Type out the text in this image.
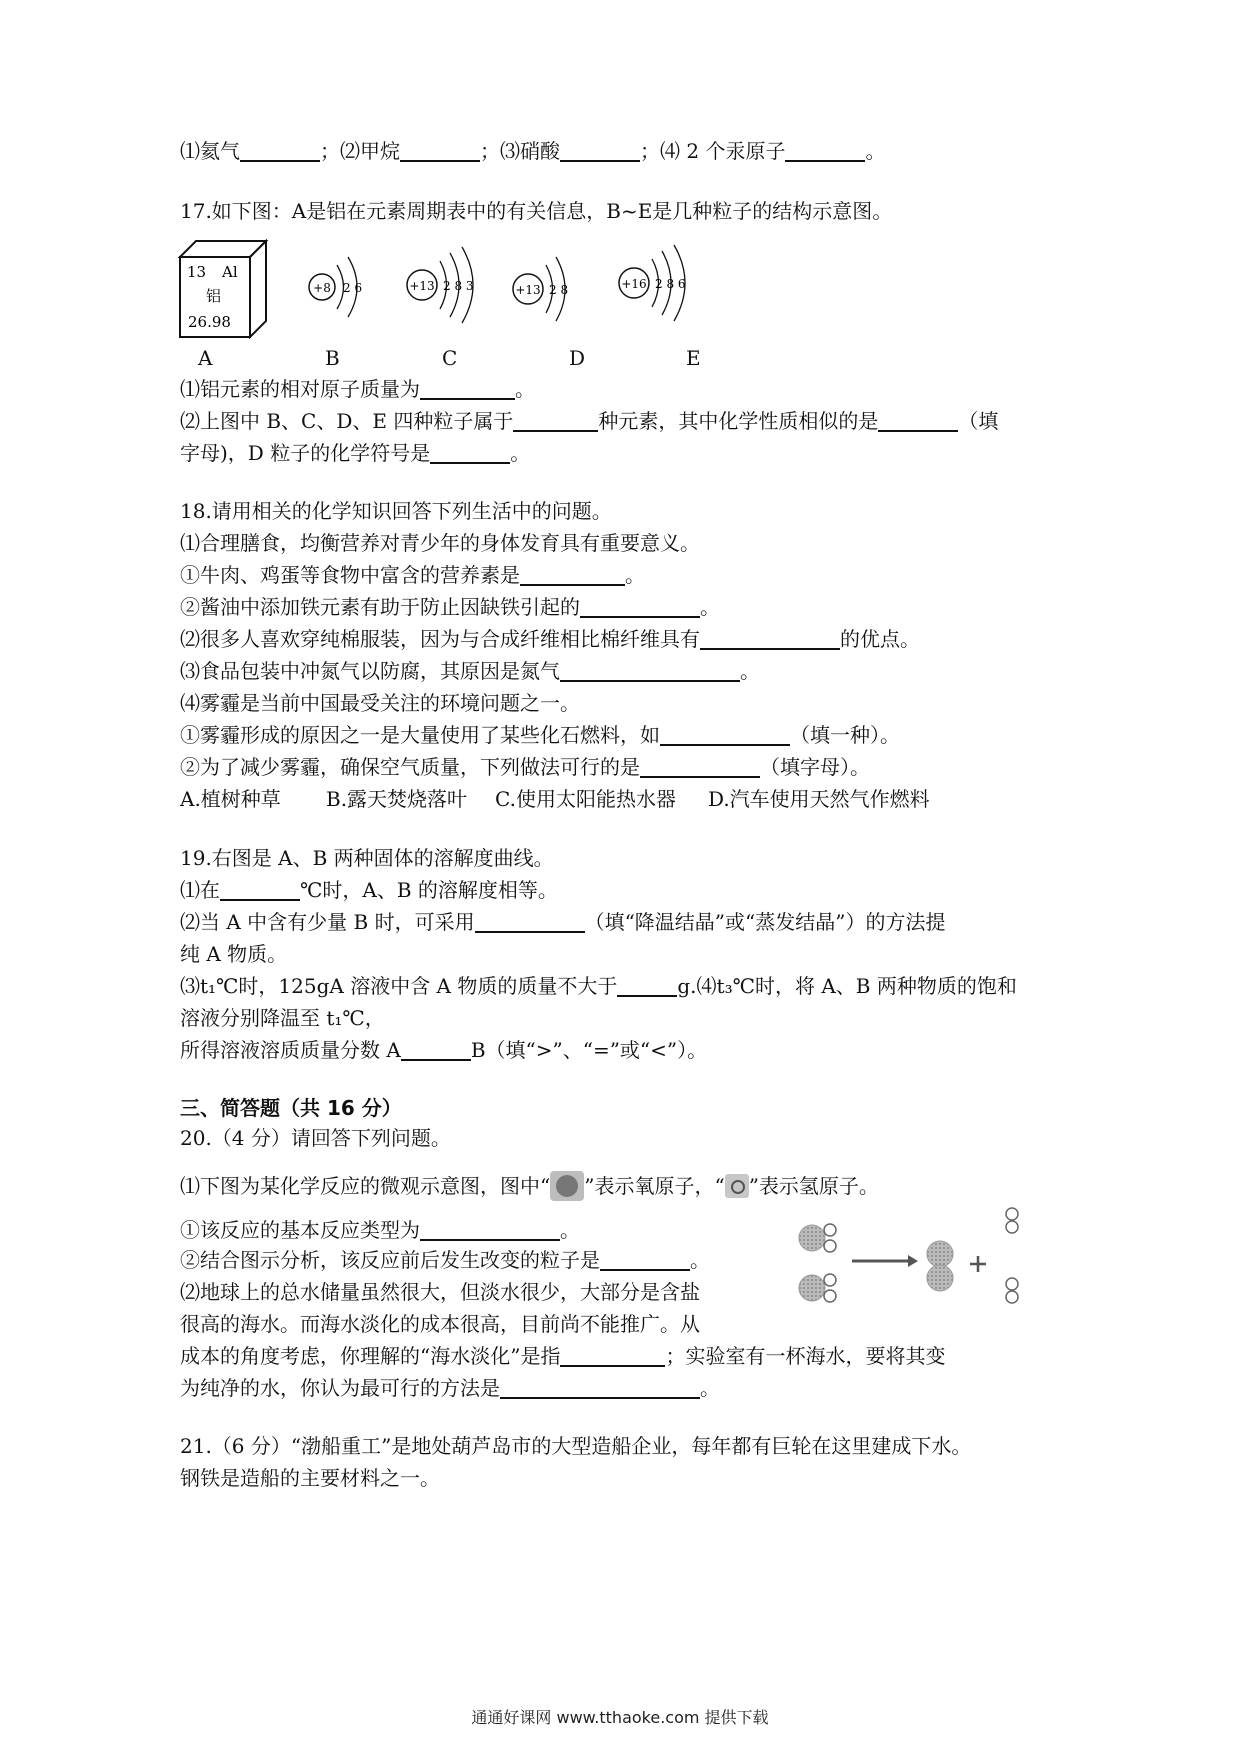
⑴氦气	；⑵甲烷	；⑶硝酸	；⑷ 2 个汞原子	。
17.如下图：A是铝在元素周期表中的有关信息，B~E是几种粒子的结构示意图。
13 Al
铝
26.98
+8 2 6	+13 2 8 3	+13 2 8	+16 2 8 6
A	B	C	D	E
⑴铝元素的相对原子质量为	。
⑵上图中 B、C、D、E 四种粒子属于	种元素，其中化学性质相似的是	（填
字母)，D 粒子的化学符号是	。
18.请用相关的化学知识回答下列生活中的问题。
⑴合理膳食，均衡营养对青少年的身体发育具有重要意义。
①牛肉、鸡蛋等食物中富含的营养素是	。
②酱油中添加铁元素有助于防止因缺铁引起的	。
⑵很多人喜欢穿纯棉服装，因为与合成纤维相比棉纤维具有	的优点。
⑶食品包装中冲氮气以防腐，其原因是氮气	。
⑷雾霾是当前中国最受关注的环境问题之一。
①雾霾形成的原因之一是大量使用了某些化石燃料，如	（填一种）。
②为了减少雾霾，确保空气质量，下列做法可行的是	（填字母）。
A.植树种草 B.露天焚烧落叶 C.使用太阳能热水器 D.汽车使用天然气作燃料
19.右图是 A、B 两种固体的溶解度曲线。
⑴在	℃时，A、B 的溶解度相等。
⑵当 A 中含有少量 B 时，可采用	（填“降温结晶”或“蒸发结晶”）的方法提
纯 A 物质。
⑶t₁℃时，125gA 溶液中含 A 物质的质量不大于	g.⑷t₃℃时，将 A、B 两种物质的饱和
溶液分别降温至 t₁℃，
所得溶液溶质质量分数 A	B（填“>”、“=”或“<”）。
三、简答题（共 16 分）
20.（4 分）请回答下列问题。
⑴下图为某化学反应的微观示意图，图中“ ”表示氧原子，“ ”表示氢原子。
①该反应的基本反应类型为	。
②结合图示分析，该反应前后发生改变的粒子是	。
⑵地球上的总水储量虽然很大，但淡水很少，大部分是含盐
很高的海水。而海水淡化的成本很高，目前尚不能推广。从
成本的角度考虑，你理解的“海水淡化”是指	；实验室有一杯海水，要将其变
为纯净的水，你认为最可行的方法是	。
21.（6 分）“渤船重工”是地处葫芦岛市的大型造船企业，每年都有巨轮在这里建成下水。
钢铁是造船的主要材料之一。
通通好课网 www.tthaoke.com 提供下载
